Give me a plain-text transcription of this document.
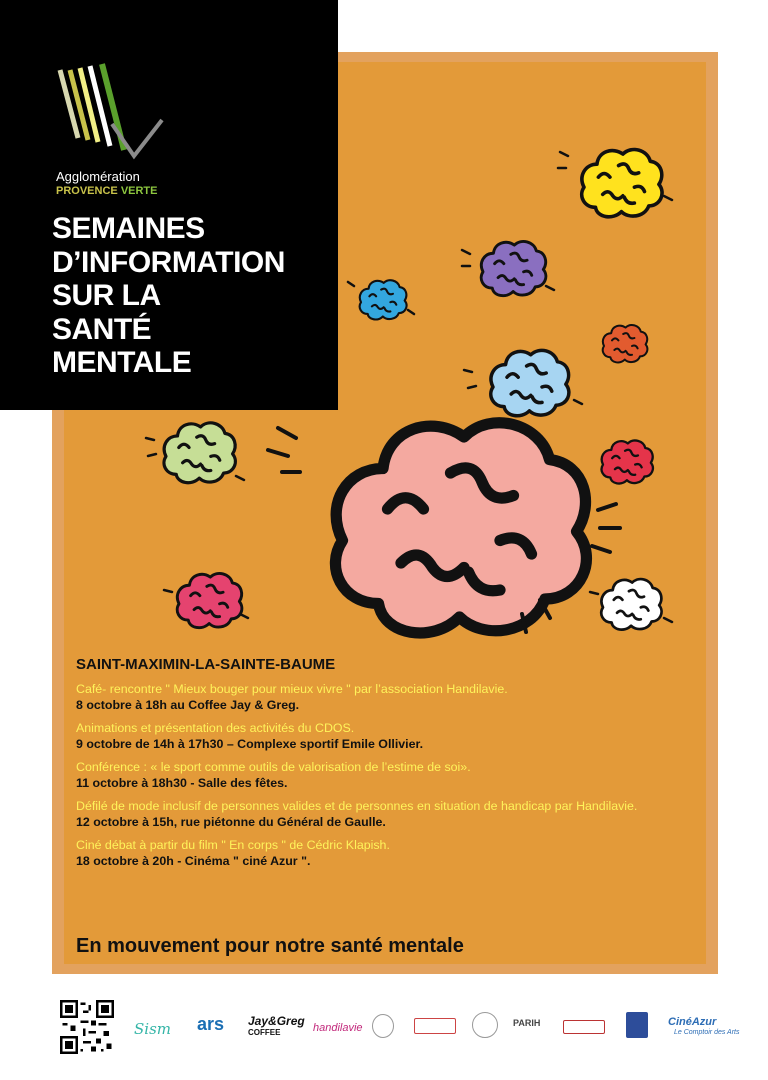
Agglomération
PROVENCE VERTE
SEMAINES
D’INFORMATION
SUR LA
SANTÉ
MENTALE
SAINT-MAXIMIN-LA-SAINTE-BAUME
Café- rencontre " Mieux bouger pour mieux vivre " par l’association Handilavie.
8 octobre à 18h au Coffee Jay & Greg.
Animations et présentation des activités du CDOS.
9 octobre de 14h à 17h30 – Complexe sportif Emile Ollivier.
Conférence : « le sport comme outils de valorisation de l’estime de soi».
11 octobre à 18h30 - Salle des fêtes.
Défilé de mode inclusif de personnes valides et de personnes en situation de handicap par Handilavie.
12 octobre à 15h, rue piétonne du Général de Gaulle.
Ciné débat à partir du film " En corps " de Cédric Klapish.
18 octobre à 20h - Cinéma " ciné Azur ".
En mouvement pour notre santé mentale
Sism ars Jay&Greg
COFFEE	handilavie	PARIH	CinéAzur
Le Comptoir des Arts
